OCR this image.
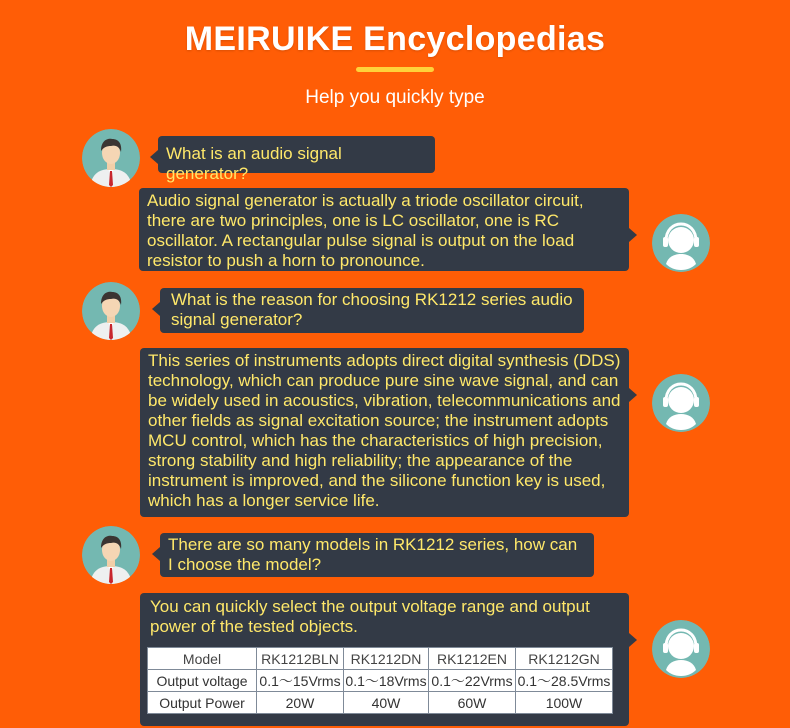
MEIRUIKE Encyclopedias
Help you quickly type
What is an audio signal generator?
Audio signal generator is actually a triode oscillator circuit, there are two principles, one is LC oscillator, one is RC oscillator. A rectangular pulse signal is output on the load resistor to push a horn to pronounce.
What is the reason for choosing RK1212 series audio signal generator?
This series of instruments adopts direct digital synthesis (DDS) technology, which can produce pure sine wave signal, and can be widely used in acoustics, vibration, telecommunications and other fields as signal excitation source; the instrument adopts MCU control, which has the characteristics of high precision, strong stability and high reliability; the appearance of the instrument is improved, and the silicone function key is used, which has a longer service life.
There are so many models in RK1212 series, how can I choose the model?
You can quickly select the output voltage range and output power of the tested objects.
Model	RK1212BLN	RK1212DN	RK1212EN	RK1212GN
Output voltage	0.1～15Vrms	0.1～18Vrms	0.1～22Vrms	0.1～28.5Vrms
Output Power	20W	40W	60W	100W
